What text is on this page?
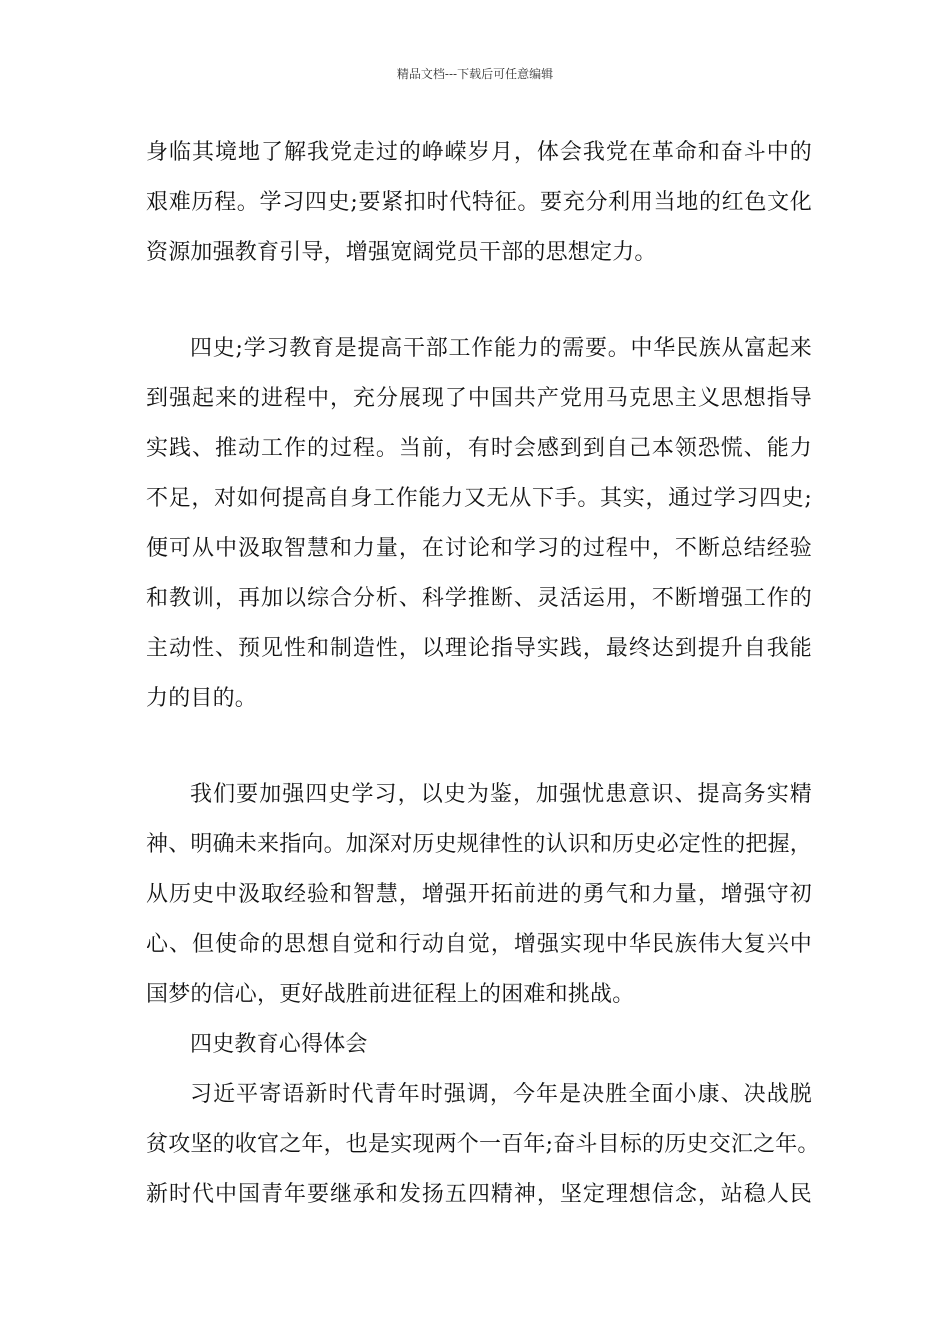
精品文档---下载后可任意编辑
身临其境地了解我党走过的峥嵘岁月，体会我党在革命和奋斗中的
艰难历程。学习四史;要紧扣时代特征。要充分利用当地的红色文化
资源加强教育引导，增强宽阔党员干部的思想定力。
四史;学习教育是提高干部工作能力的需要。中华民族从富起来
到强起来的进程中，充分展现了中国共产党用马克思主义思想指导
实践、推动工作的过程。当前，有时会感到到自己本领恐慌、能力
不足，对如何提高自身工作能力又无从下手。其实，通过学习四史;
便可从中汲取智慧和力量，在讨论和学习的过程中，不断总结经验
和教训，再加以综合分析、科学推断、灵活运用，不断增强工作的
主动性、预见性和制造性，以理论指导实践，最终达到提升自我能
力的目的。
我们要加强四史学习，以史为鉴，加强忧患意识、提高务实精
神、明确未来指向。加深对历史规律性的认识和历史必定性的把握，
从历史中汲取经验和智慧，增强开拓前进的勇气和力量，增强守初
心、但使命的思想自觉和行动自觉，增强实现中华民族伟大复兴中
国梦的信心，更好战胜前进征程上的困难和挑战。
四史教育心得体会
习近平寄语新时代青年时强调，今年是决胜全面小康、决战脱
贫攻坚的收官之年，也是实现两个一百年;奋斗目标的历史交汇之年。
新时代中国青年要继承和发扬五四精神，坚定理想信念，站稳人民
